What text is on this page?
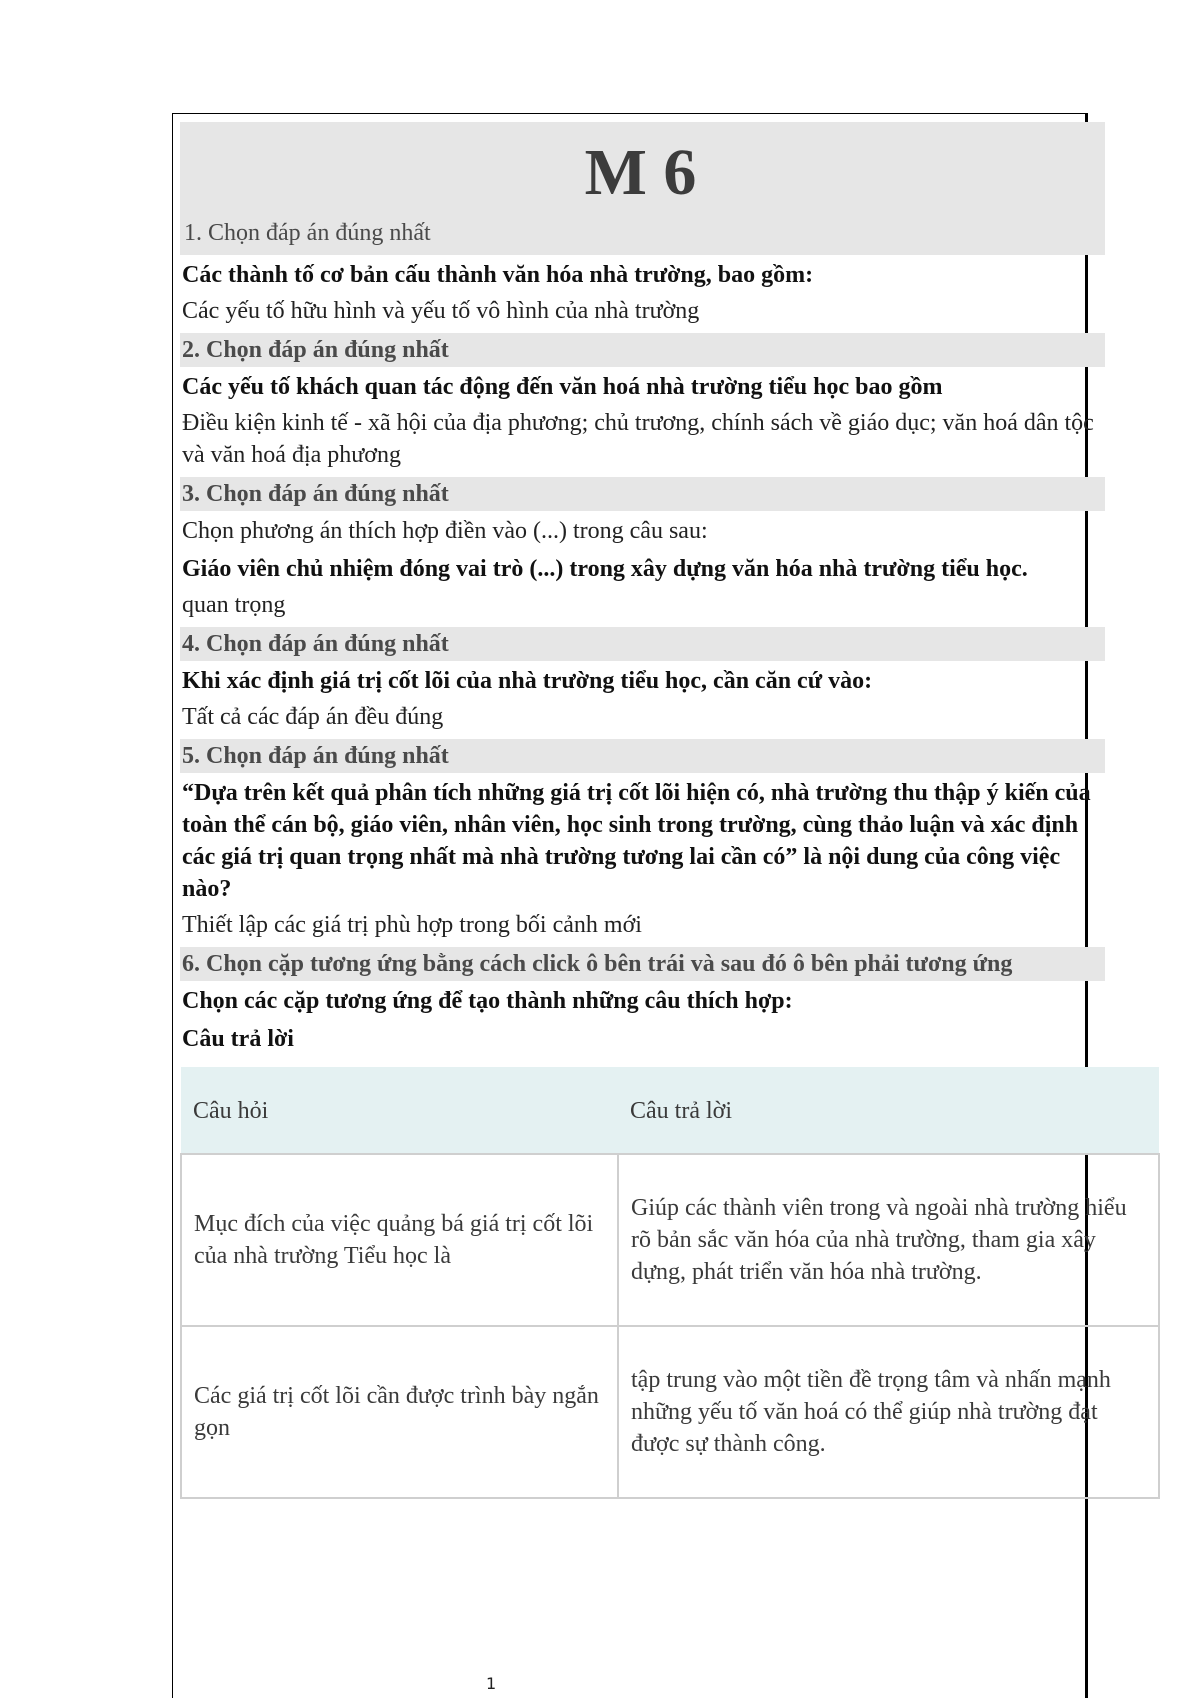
M 6
1. Chọn đáp án đúng nhất
Các thành tố cơ bản cấu thành văn hóa nhà trường, bao gồm:
Các yếu tố hữu hình và yếu tố vô hình của nhà trường
2. Chọn đáp án đúng nhất
Các yếu tố khách quan tác động đến văn hoá nhà trường tiểu học bao gồm
Điều kiện kinh tế - xã hội của địa phương; chủ trương, chính sách về giáo dục; văn hoá dân tộc và văn hoá địa phương
3. Chọn đáp án đúng nhất
Chọn phương án thích hợp điền vào (...) trong câu sau:
Giáo viên chủ nhiệm đóng vai trò (...) trong xây dựng văn hóa nhà trường tiểu học.
quan trọng
4. Chọn đáp án đúng nhất
Khi xác định giá trị cốt lõi của nhà trường tiểu học, cần căn cứ vào:
Tất cả các đáp án đều đúng
5. Chọn đáp án đúng nhất
“Dựa trên kết quả phân tích những giá trị cốt lõi hiện có, nhà trường thu thập ý kiến của toàn thể cán bộ, giáo viên, nhân viên, học sinh trong trường, cùng thảo luận và xác định các giá trị quan trọng nhất mà nhà trường tương lai cần có” là nội dung của công việc nào?
Thiết lập các giá trị phù hợp trong bối cảnh mới
6. Chọn cặp tương ứng bằng cách click ô bên trái và sau đó ô bên phải tương ứng
Chọn các cặp tương ứng để tạo thành những câu thích hợp:
Câu trả lời
Câu hỏi	Câu trả lời
Mục đích của việc quảng bá giá trị cốt lõi của nhà trường Tiểu học là	Giúp các thành viên trong và ngoài nhà trường hiểu rõ bản sắc văn hóa của nhà trường, tham gia xây dựng, phát triển văn hóa nhà trường.
Các giá trị cốt lõi cần được trình bày ngắn gọn	tập trung vào một tiền đề trọng tâm và nhấn mạnh những yếu tố văn hoá có thể giúp nhà trường đạt được sự thành công.
1
